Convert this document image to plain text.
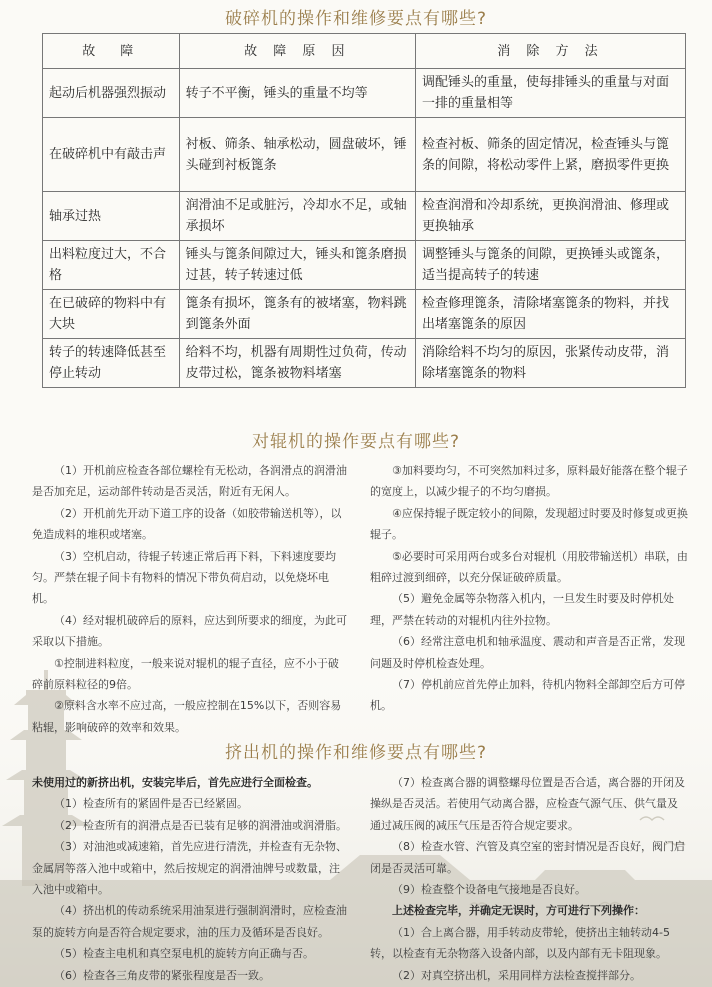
破碎机的操作和维修要点有哪些?
故　障	故 障 原 因	消 除 方 法
起动后机器强烈振动	转子不平衡，锤头的重量不均等	调配锤头的重量，使每排锤头的重量与对面一排的重量相等
在破碎机中有敲击声	衬板、筛条、轴承松动，圆盘破坏，锤头碰到衬板篦条	检查衬板、筛条的固定情况，检查锤头与篦条的间隙，将松动零件上紧，磨损零件更换
轴承过热	润滑油不足或脏污，冷却水不足，或轴承损坏	检查润滑和冷却系统，更换润滑油、修理或更换轴承
出料粒度过大，不合格	锤头与篦条间隙过大，锤头和篦条磨损过甚，转子转速过低	调整锤头与篦条的间隙，更换锤头或篦条，适当提高转子的转速
在已破碎的物料中有大块	篦条有损坏，篦条有的被堵塞，物料跳到篦条外面	检查修理篦条，清除堵塞篦条的物料，并找出堵塞篦条的原因
转子的转速降低甚至停止转动	给料不均，机器有周期性过负荷，传动皮带过松，篦条被物料堵塞	消除给料不均匀的原因，张紧传动皮带，消除堵塞篦条的物料
对辊机的操作要点有哪些?

（1）开机前应检查各部位螺栓有无松动，各润滑点的润滑油是否加充足，运动部件转动是否灵活，附近有无闲人。

（2）开机前先开动下道工序的设备（如胶带输送机等），以免造成料的堆积或堵塞。

（3）空机启动，待辊子转速正常后再下料，下料速度要均匀。严禁在辊子间卡有物料的情况下带负荷启动，以免烧坏电机。

（4）经对辊机破碎后的原料，应达到所要求的细度，为此可采取以下措施。

①控制进料粒度，一般来说对辊机的辊子直径，应不小于破碎前原料粒径的9倍。

②原料含水率不应过高，一般应控制在15%以下，否则容易粘辊，影响破碎的效率和效果。

③加料要均匀，不可突然加料过多，原料最好能落在整个辊子的宽度上，以减少辊子的不均匀磨损。

④应保持辊子既定较小的间隙，发现超过时要及时修复或更换辊子。

⑤必要时可采用两台或多台对辊机（用胶带输送机）串联，由粗碎过渡到细碎，以充分保证破碎质量。

（5）避免金属等杂物落入机内，一旦发生时要及时停机处理，严禁在转动的对辊机内往外拉物。

（6）经常注意电机和轴承温度、震动和声音是否正常，发现问题及时停机检查处理。

（7）停机前应首先停止加料，待机内物料全部卸空后方可停机。

挤出机的操作和维修要点有哪些?

未使用过的新挤出机，安装完毕后，首先应进行全面检查。

（1）检查所有的紧固件是否已经紧固。

（2）检查所有的润滑点是否已装有足够的润滑油或润滑脂。

（3）对油池或减速箱，首先应进行清洗，并检查有无杂物、金属屑等落入池中或箱中，然后按规定的润滑油牌号或数量，注入池中或箱中。

（4）挤出机的传动系统采用油泵进行强制润滑时，应检查油泵的旋转方向是否符合规定要求，油的压力及循环是否良好。

（5）检查主电机和真空泵电机的旋转方向正确与否。

（6）检查各三角皮带的紧张程度是否一致。

（7）检查离合器的调整螺母位置是否合适，离合器的开闭及操纵是否灵活。若使用气动离合器，应检查气源气压、供气量及通过减压阀的减压气压是否符合规定要求。

（8）检查水管、汽管及真空室的密封情况是否良好，阀门启闭是否灵活可靠。

（9）检查整个设备电气接地是否良好。

上述检查完毕，并确定无误时，方可进行下列操作：

（1）合上离合器，用手转动皮带轮，使挤出主轴转动4-5转，以检查有无杂物落入设备内部，以及内部有无卡阻现象。

（2）对真空挤出机，采用同样方法检查搅拌部分。
